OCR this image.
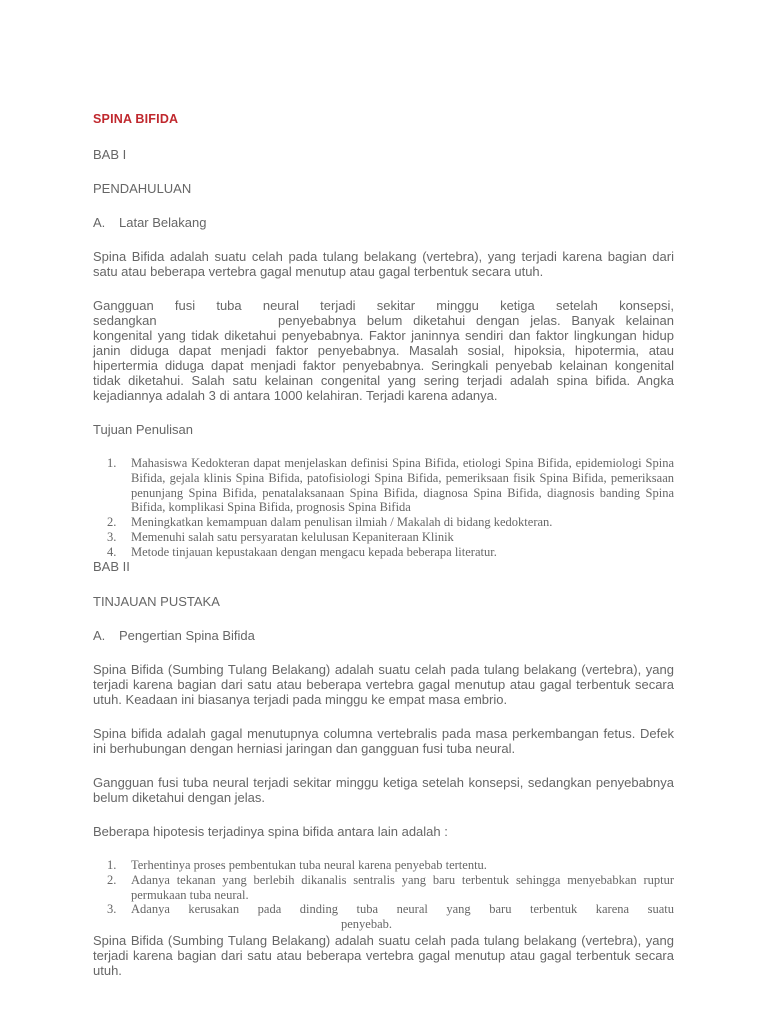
SPINA BIFIDA
BAB I
PENDAHULUAN
A.	Latar Belakang

Spina Bifida adalah suatu celah pada tulang belakang (vertebra), yang terjadi karena bagian dari satu atau beberapa vertebra gagal menutup atau gagal terbentuk secara utuh.

Gangguan fusi tuba neural terjadi sekitar minggu ketiga setelah konsepsi,
sedangkan	penyebabnya belum diketahui dengan jelas. Banyak kelainan
kongenital yang tidak diketahui penyebabnya. Faktor janinnya sendiri dan faktor lingkungan hidup janin diduga dapat menjadi faktor penyebabnya. Masalah sosial, hipoksia, hipotermia, atau hipertermia diduga dapat menjadi faktor penyebabnya. Seringkali penyebab kelainan kongenital tidak diketahui. Salah satu kelainan congenital yang sering terjadi adalah spina bifida. Angka kejadiannya adalah 3 di antara 1000 kelahiran. Terjadi karena adanya.
Tujuan Penulisan
1. Mahasiswa Kedokteran dapat menjelaskan definisi Spina Bifida, etiologi Spina Bifida, epidemiologi Spina Bifida, gejala klinis Spina Bifida, patofisiologi Spina Bifida, pemeriksaan fisik Spina Bifida, pemeriksaan penunjang Spina Bifida, penatalaksanaan Spina Bifida, diagnosa Spina Bifida, diagnosis banding Spina Bifida, komplikasi Spina Bifida, prognosis Spina Bifida
2. Meningkatkan kemampuan dalam penulisan ilmiah / Makalah di bidang kedokteran.
3. Memenuhi salah satu persyaratan kelulusan Kepaniteraan Klinik
4. Metode tinjauan kepustakaan dengan mengacu kepada beberapa literatur.
BAB II
TINJAUAN PUSTAKA
A.	Pengertian Spina Bifida

Spina Bifida (Sumbing Tulang Belakang) adalah suatu celah pada tulang belakang (vertebra), yang terjadi karena bagian dari satu atau beberapa vertebra gagal menutup atau gagal terbentuk secara utuh. Keadaan ini biasanya terjadi pada minggu ke empat masa embrio.

Spina bifida adalah gagal menutupnya columna vertebralis pada masa perkembangan fetus. Defek ini berhubungan dengan herniasi jaringan dan gangguan fusi tuba neural.

Gangguan fusi tuba neural terjadi sekitar minggu ketiga setelah konsepsi, sedangkan penyebabnya belum diketahui dengan jelas.

Beberapa hipotesis terjadinya spina bifida antara lain adalah :
1. Terhentinya proses pembentukan tuba neural karena penyebab tertentu.
2. Adanya tekanan yang berlebih dikanalis sentralis yang baru terbentuk sehingga menyebabkan ruptur permukaan tuba neural.
3. Adanya kerusakan pada dinding tuba neural yang baru terbentuk karena suatu
penyebab.

Spina Bifida (Sumbing Tulang Belakang) adalah suatu celah pada tulang belakang (vertebra), yang terjadi karena bagian dari satu atau beberapa vertebra gagal menutup atau gagal terbentuk secara utuh.
